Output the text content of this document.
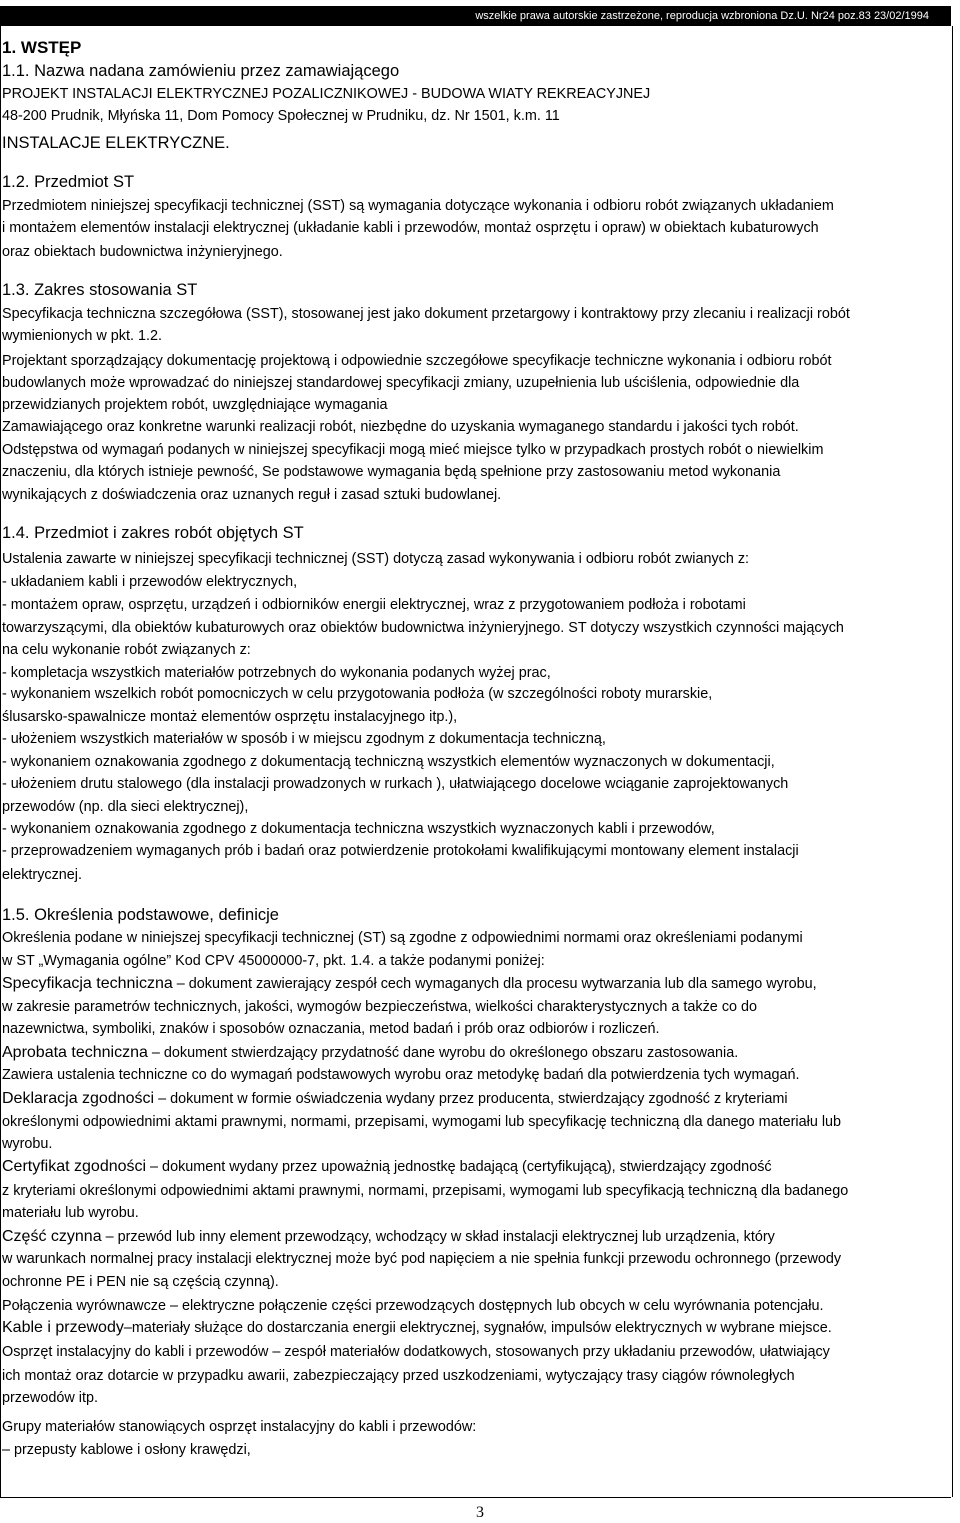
wszelkie prawa autorskie zastrzeżone, reproducja wzbroniona Dz.U. Nr24 poz.83 23/02/1994
1. WSTĘP
1.1. Nazwa nadana zamówieniu przez zamawiającego
PROJEKT INSTALACJI ELEKTRYCZNEJ POZALICZNIKOWEJ - BUDOWA WIATY REKREACYJNEJ
48-200 Prudnik, Młyńska 11, Dom Pomocy Społecznej w Prudniku, dz. Nr 1501, k.m. 11
INSTALACJE ELEKTRYCZNE.
1.2. Przedmiot ST
Przedmiotem niniejszej specyfikacji technicznej (SST) są wymagania dotyczące wykonania i odbioru robót związanych układaniem
i montażem elementów instalacji elektrycznej (układanie kabli i przewodów, montaż osprzętu i opraw) w obiektach kubaturowych
oraz obiektach budownictwa inżynieryjnego.
1.3. Zakres stosowania ST
Specyfikacja techniczna szczegółowa (SST), stosowanej jest jako dokument przetargowy i kontraktowy przy zlecaniu i realizacji robót
wymienionych w pkt. 1.2.
Projektant sporządzający dokumentację projektową i odpowiednie szczegółowe specyfikacje techniczne wykonania i odbioru robót
budowlanych może wprowadzać do niniejszej standardowej specyfikacji zmiany, uzupełnienia lub uściślenia, odpowiednie dla
przewidzianych projektem robót, uwzględniające wymagania
Zamawiającego oraz konkretne warunki realizacji robót, niezbędne do uzyskania wymaganego standardu i jakości tych robót.
Odstępstwa od wymagań podanych w niniejszej specyfikacji mogą mieć miejsce tylko w przypadkach prostych robót o niewielkim
znaczeniu, dla których istnieje pewność, Se podstawowe wymagania będą spełnione przy zastosowaniu metod wykonania
wynikających z doświadczenia oraz uznanych reguł i zasad sztuki budowlanej.
1.4. Przedmiot i zakres robót objętych ST
Ustalenia zawarte w niniejszej specyfikacji technicznej (SST) dotyczą zasad wykonywania i odbioru robót zwianych z:
- układaniem kabli i przewodów elektrycznych,
- montażem opraw, osprzętu, urządzeń i odbiorników energii elektrycznej, wraz z przygotowaniem podłoża i robotami
towarzyszącymi, dla obiektów kubaturowych oraz obiektów budownictwa inżynieryjnego. ST dotyczy wszystkich czynności mających
na celu wykonanie robót związanych z:
- kompletacja wszystkich materiałów potrzebnych do wykonania podanych wyżej prac,
- wykonaniem wszelkich robót pomocniczych w celu przygotowania podłoża (w szczególności roboty murarskie,
ślusarsko-spawalnicze montaż elementów osprzętu instalacyjnego itp.),
- ułożeniem wszystkich materiałów w sposób i w miejscu zgodnym z dokumentacja techniczną,
- wykonaniem oznakowania zgodnego z dokumentacją techniczną wszystkich elementów wyznaczonych w dokumentacji,
- ułożeniem drutu stalowego (dla instalacji prowadzonych w rurkach ), ułatwiającego docelowe wciąganie zaprojektowanych
przewodów (np. dla sieci elektrycznej),
- wykonaniem oznakowania zgodnego z dokumentacja techniczna wszystkich wyznaczonych kabli i przewodów,
- przeprowadzeniem wymaganych prób i badań oraz potwierdzenie protokołami kwalifikującymi montowany element instalacji
elektrycznej.
1.5. Określenia podstawowe, definicje
Określenia podane w niniejszej specyfikacji technicznej (ST) są zgodne z odpowiednimi normami oraz określeniami podanymi
w ST „Wymagania ogólne” Kod CPV 45000000-7, pkt. 1.4. a także podanymi poniżej:
Specyfikacja techniczna – dokument zawierający zespół cech wymaganych dla procesu wytwarzania lub dla samego wyrobu,
w zakresie parametrów technicznych, jakości, wymogów bezpieczeństwa, wielkości charakterystycznych a także co do
nazewnictwa, symboliki, znaków i sposobów oznaczania, metod badań i prób oraz odbiorów i rozliczeń.
Aprobata techniczna – dokument stwierdzający przydatność dane wyrobu do określonego obszaru zastosowania.
Zawiera ustalenia techniczne co do wymagań podstawowych wyrobu oraz metodykę badań dla potwierdzenia tych wymagań.
Deklaracja zgodności – dokument w formie oświadczenia wydany przez producenta, stwierdzający zgodność z kryteriami
określonymi odpowiednimi aktami prawnymi, normami, przepisami, wymogami lub specyfikację techniczną dla danego materiału lub
wyrobu.
Certyfikat zgodności – dokument wydany przez upoważnią jednostkę badającą (certyfikującą), stwierdzający zgodność
z kryteriami określonymi odpowiednimi aktami prawnymi, normami, przepisami, wymogami lub specyfikacją techniczną dla badanego
materiału lub wyrobu.
Część czynna – przewód lub inny element przewodzący, wchodzący w skład instalacji elektrycznej lub urządzenia, który
w warunkach normalnej pracy instalacji elektrycznej może być pod napięciem a nie spełnia funkcji przewodu ochronnego (przewody
ochronne PE i PEN nie są częścią czynną).
Połączenia wyrównawcze – elektryczne połączenie części przewodzących dostępnych lub obcych w celu wyrównania potencjału.
Kable i przewody–materiały służące do dostarczania energii elektrycznej, sygnałów, impulsów elektrycznych w wybrane miejsce.
Osprzęt instalacyjny do kabli i przewodów – zespół materiałów dodatkowych, stosowanych przy układaniu przewodów, ułatwiający
ich montaż oraz dotarcie w przypadku awarii, zabezpieczający przed uszkodzeniami, wytyczający trasy ciągów równoległych
przewodów itp.
Grupy materiałów stanowiących osprzęt instalacyjny do kabli i przewodów:
– przepusty kablowe i osłony krawędzi,
3
